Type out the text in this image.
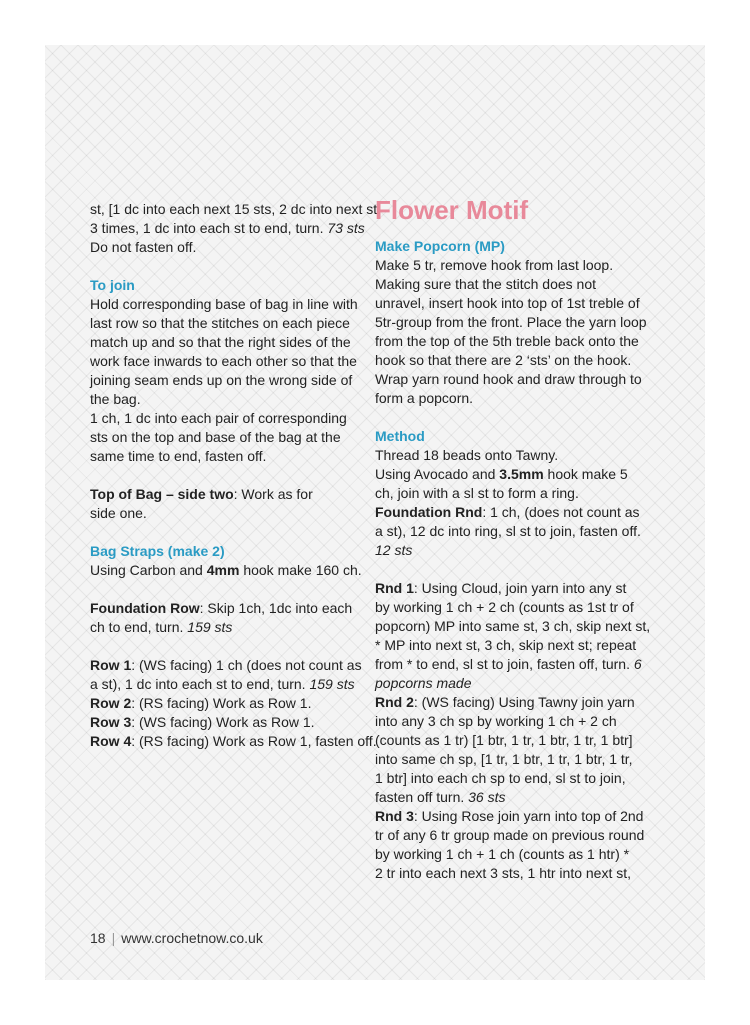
st, [1 dc into each next 15 sts, 2 dc into next st]
3 times, 1 dc into each st to end, turn. 73 sts
Do not fasten off.
To join
Hold corresponding base of bag in line with
last row so that the stitches on each piece
match up and so that the right sides of the
work face inwards to each other so that the
joining seam ends up on the wrong side of
the bag.
1 ch, 1 dc into each pair of corresponding
sts on the top and base of the bag at the
same time to end, fasten off.
Top of Bag – side two: Work as for
side one.
Bag Straps (make 2)
Using Carbon and 4mm hook make 160 ch.
Foundation Row: Skip 1ch, 1dc into each
ch to end, turn. 159 sts
Row 1: (WS facing) 1 ch (does not count as
a st), 1 dc into each st to end, turn. 159 sts
Row 2: (RS facing) Work as Row 1.
Row 3: (WS facing) Work as Row 1.
Row 4: (RS facing) Work as Row 1, fasten off.
Flower Motif
Make Popcorn (MP)
Make 5 tr, remove hook from last loop.
Making sure that the stitch does not
unravel, insert hook into top of 1st treble of
5tr-group from the front. Place the yarn loop
from the top of the 5th treble back onto the
hook so that there are 2 ‘sts’ on the hook.
Wrap yarn round hook and draw through to
form a popcorn.
Method
Thread 18 beads onto Tawny.
Using Avocado and 3.5mm hook make 5
ch, join with a sl st to form a ring.
Foundation Rnd: 1 ch, (does not count as
a st), 12 dc into ring, sl st to join, fasten off.
12 sts
Rnd 1: Using Cloud, join yarn into any st
by working 1 ch + 2 ch (counts as 1st tr of
popcorn) MP into same st, 3 ch, skip next st,
* MP into next st, 3 ch, skip next st; repeat
from * to end, sl st to join, fasten off, turn. 6
popcorns made
Rnd 2: (WS facing) Using Tawny join yarn
into any 3 ch sp by working 1 ch + 2 ch
(counts as 1 tr) [1 btr, 1 tr, 1 btr, 1 tr, 1 btr]
into same ch sp, [1 tr, 1 btr, 1 tr, 1 btr, 1 tr,
1 btr] into each ch sp to end, sl st to join,
fasten off turn. 36 sts
Rnd 3: Using Rose join yarn into top of 2nd
tr of any 6 tr group made on previous round
by working 1 ch + 1 ch (counts as 1 htr) *
2 tr into each next 3 sts, 1 htr into next st,
18 | www.crochetnow.co.uk
